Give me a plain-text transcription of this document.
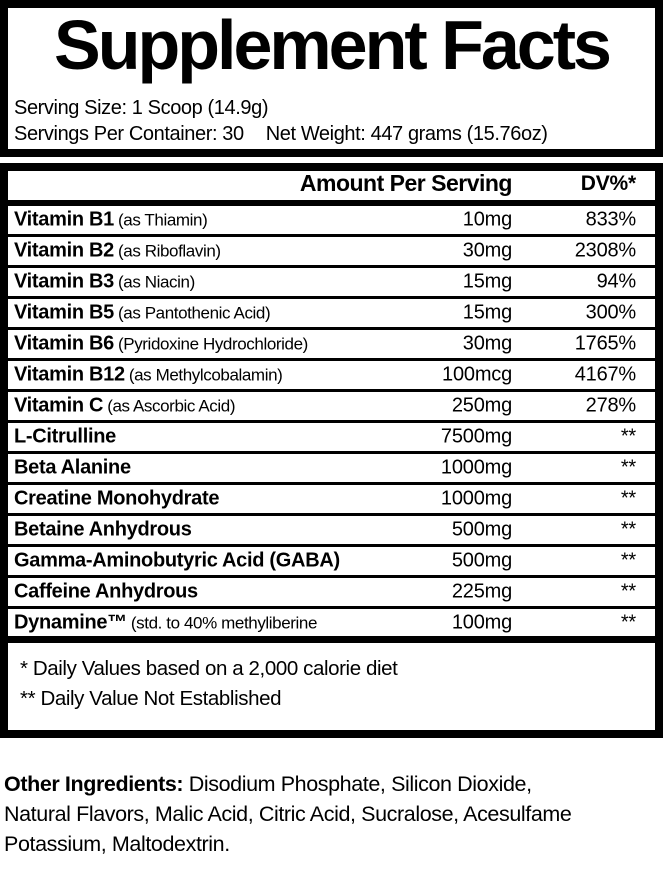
Supplement Facts
Serving Size: 1 Scoop (14.9g)
Servings Per Container: 30 Net Weight: 447 grams (15.76oz)
Amount Per Serving	DV%*
Vitamin B1 (as Thiamin)	10mg	833%
Vitamin B2 (as Riboflavin)	30mg	2308%
Vitamin B3 (as Niacin)	15mg	94%
Vitamin B5 (as Pantothenic Acid)	15mg	300%
Vitamin B6 (Pyridoxine Hydrochloride)	30mg	1765%
Vitamin B12 (as Methylcobalamin)	100mcg	4167%
Vitamin C (as Ascorbic Acid)	250mg	278%
L-Citrulline	7500mg	**
Beta Alanine	1000mg	**
Creatine Monohydrate	1000mg	**
Betaine Anhydrous	500mg	**
Gamma-Aminobutyric Acid (GABA)	500mg	**
Caffeine Anhydrous	225mg	**
Dynamine™ (std. to 40% methyliberine	100mg	**
* Daily Values based on a 2,000 calorie diet
** Daily Value Not Established

Other Ingredients: Disodium Phosphate, Silicon Dioxide,
Natural Flavors, Malic Acid, Citric Acid, Sucralose, Acesulfame
Potassium, Maltodextrin.
